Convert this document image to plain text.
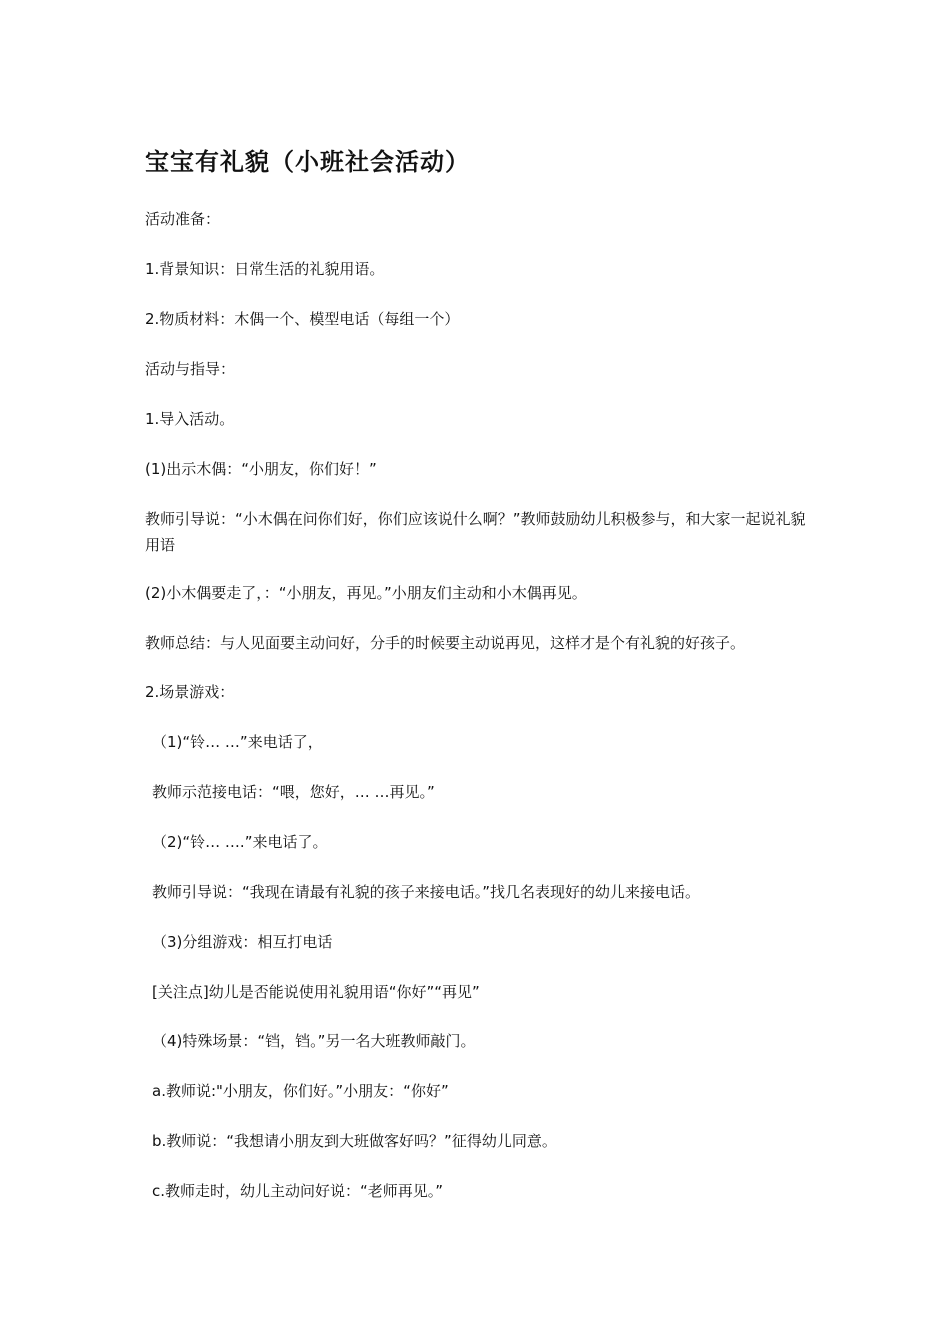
宝宝有礼貌（小班社会活动）
活动准备：
1.背景知识：日常生活的礼貌用语。
2.物质材料：木偶一个、模型电话（每组一个）
活动与指导：
1.导入活动。
(1)出示木偶：“小朋友，你们好！”
教师引导说：“小木偶在问你们好，你们应该说什么啊？”教师鼓励幼儿积极参与，和大家一起说礼貌用语
(2)小木偶要走了，：“小朋友，再见。”小朋友们主动和小木偶再见。
教师总结：与人见面要主动问好，分手的时候要主动说再见，这样才是个有礼貌的好孩子。
2.场景游戏：
（1)“铃… …”来电话了，
教师示范接电话：“喂，您好，… …再见。”
（2)“铃… ….”来电话了。
教师引导说：“我现在请最有礼貌的孩子来接电话。”找几名表现好的幼儿来接电话。
（3)分组游戏：相互打电话
[关注点]幼儿是否能说使用礼貌用语“你好”“再见”
（4)特殊场景：“铛，铛。”另一名大班教师敲门。
a.教师说:"小朋友，你们好。”小朋友：“你好”
b.教师说：“我想请小朋友到大班做客好吗？”征得幼儿同意。
c.教师走时，幼儿主动问好说：“老师再见。”
